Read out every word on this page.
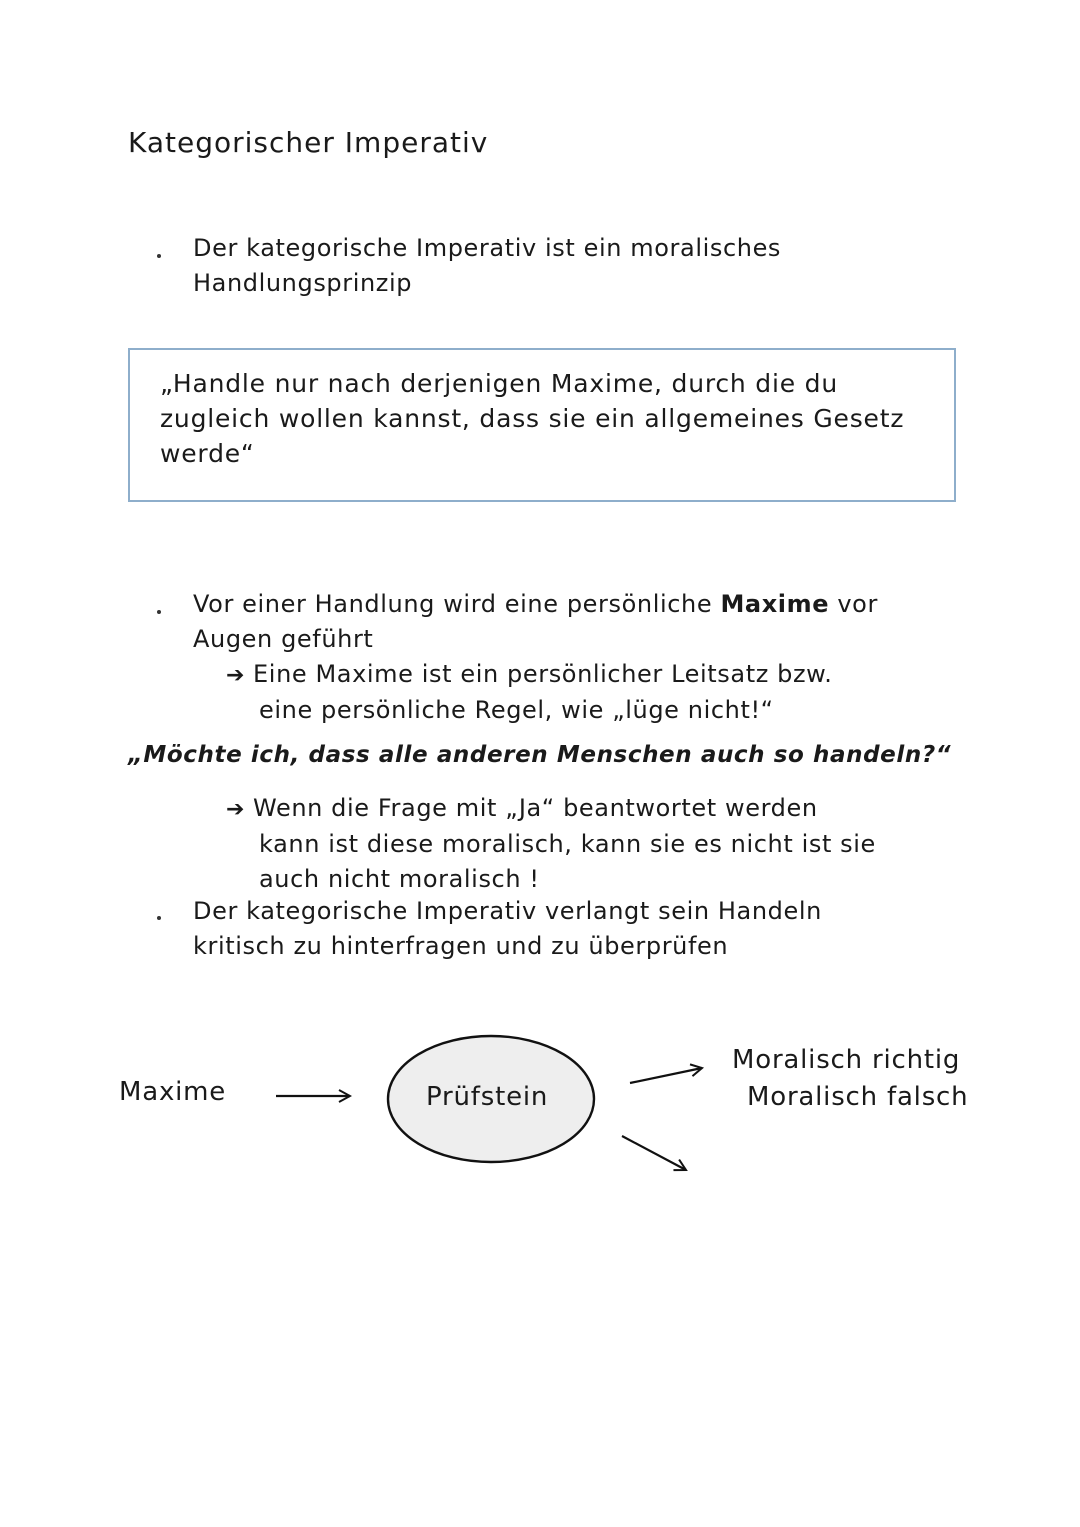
Kategorischer Imperativ
Der kategorische Imperativ ist ein moralisches
Handlungsprinzip
„Handle nur nach derjenigen Maxime, durch die du
zugleich wollen kannst, dass sie ein allgemeines Gesetz
werde“
Vor einer Handlung wird eine persönliche Maxime vor
Augen geführt
➔ Eine Maxime ist ein persönlicher Leitsatz bzw.
eine persönliche Regel, wie „lüge nicht!“
„Möchte ich, dass alle anderen Menschen auch so handeln?“
➔ Wenn die Frage mit „Ja“ beantwortet werden
kann ist diese moralisch, kann sie es nicht ist sie
auch nicht moralisch !
Der kategorische Imperativ verlangt sein Handeln
kritisch zu hinterfragen und zu überprüfen
Maxime	Prüfstein
Moralisch richtig
Moralisch falsch
